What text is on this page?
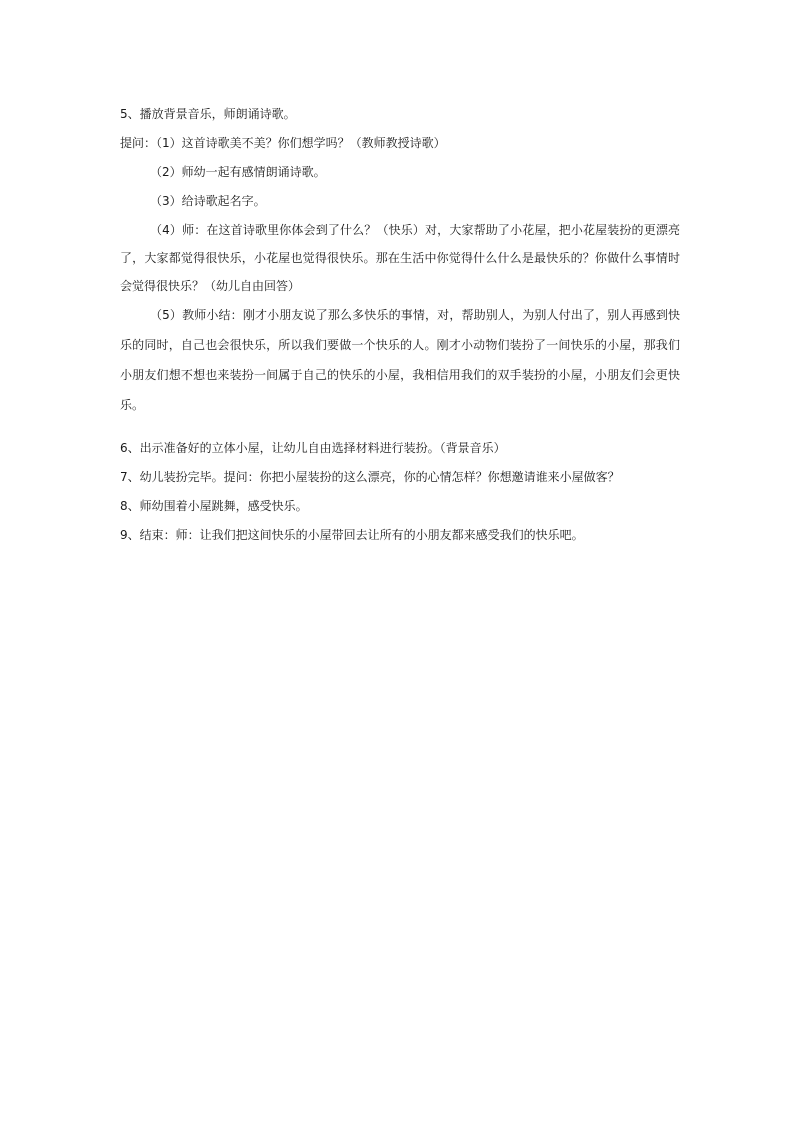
5、播放背景音乐，师朗诵诗歌。

提问：（1）这首诗歌美不美？你们想学吗？（教师教授诗歌）

（2）师幼一起有感情朗诵诗歌。

（3）给诗歌起名字。

（4）师：在这首诗歌里你体会到了什么？（快乐）对，大家帮助了小花屋，把小花屋装扮的更漂亮了，大家都觉得很快乐，小花屋也觉得很快乐。那在生活中你觉得什么什么是最快乐的？你做什么事情时会觉得很快乐？（幼儿自由回答）

（5）教师小结：刚才小朋友说了那么多快乐的事情，对，帮助别人，为别人付出了，别人再感到快乐的同时，自己也会很快乐，所以我们要做一个快乐的人。刚才小动物们装扮了一间快乐的小屋，那我们小朋友们想不想也来装扮一间属于自己的快乐的小屋，我相信用我们的双手装扮的小屋，小朋友们会更快乐。

6、出示准备好的立体小屋，让幼儿自由选择材料进行装扮。（背景音乐）

7、幼儿装扮完毕。提问：你把小屋装扮的这么漂亮，你的心情怎样？你想邀请谁来小屋做客？

8、师幼围着小屋跳舞，感受快乐。

9、结束：师：让我们把这间快乐的小屋带回去让所有的小朋友都来感受我们的快乐吧。
